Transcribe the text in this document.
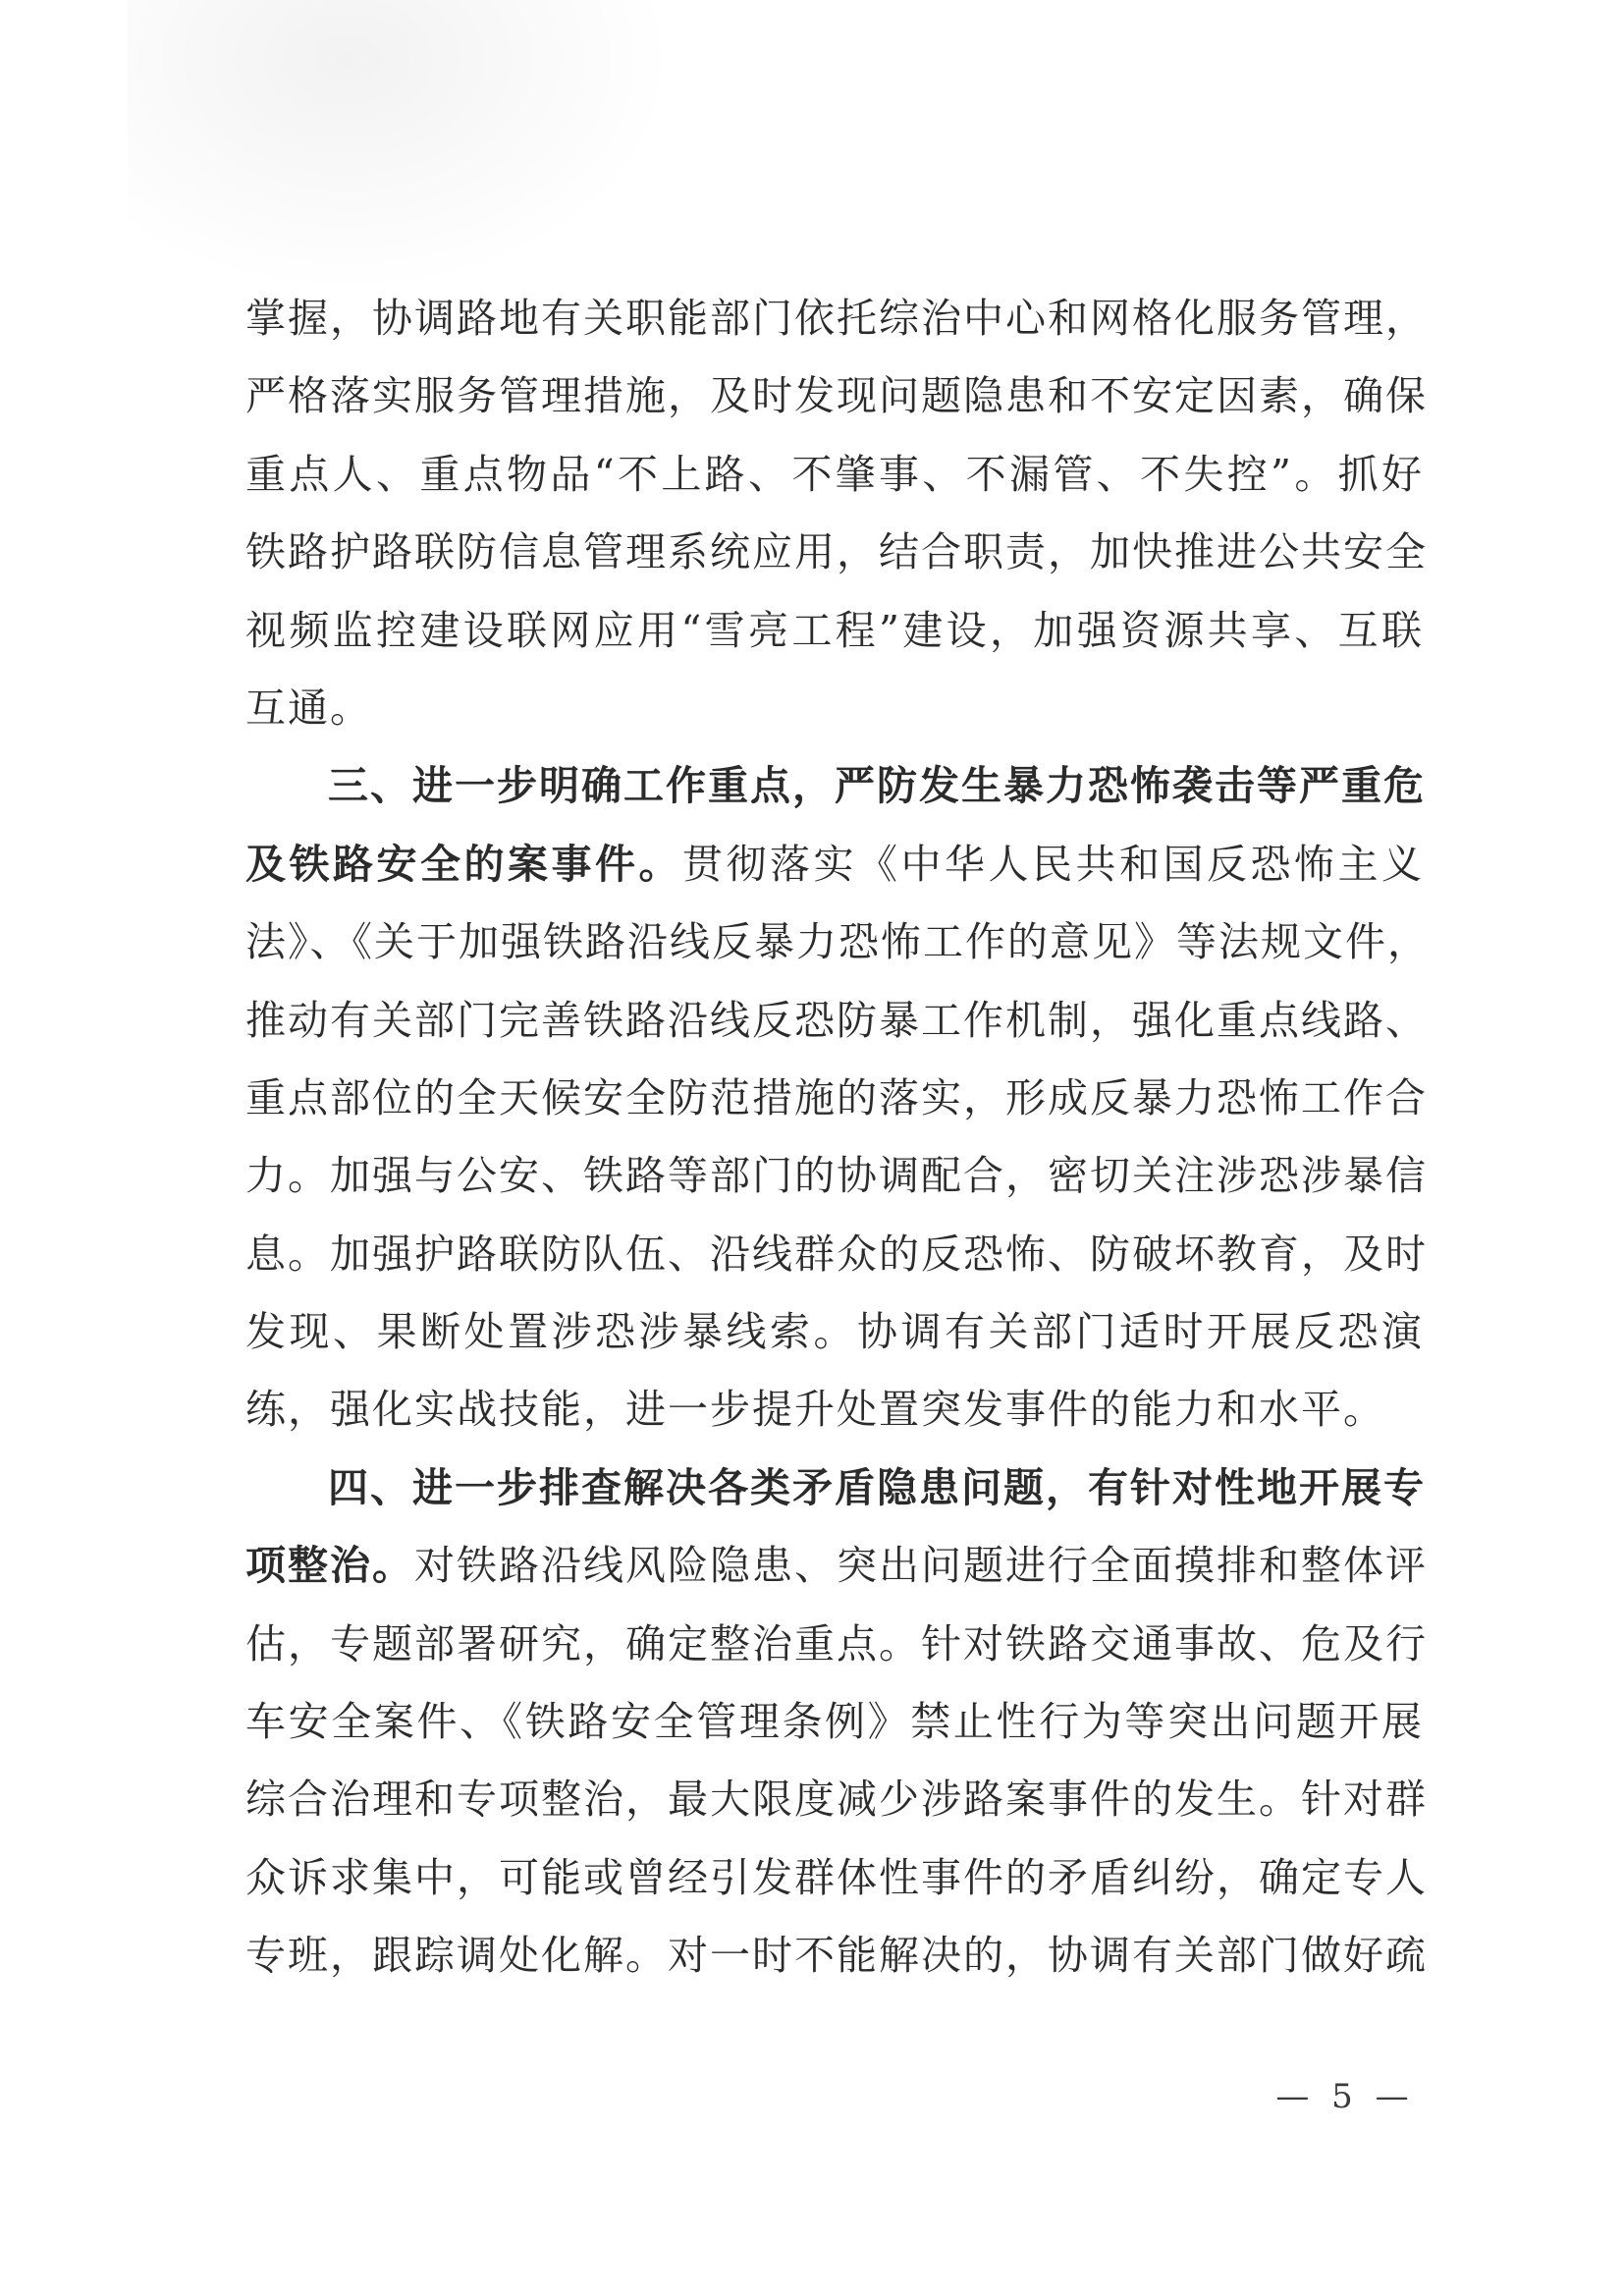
掌握，协调路地有关职能部门依托综治中心和网格化服务管理，
严格落实服务管理措施，及时发现问题隐患和不安定因素，确保
重点人、重点物品“不上路、不肇事、不漏管、不失控”。抓好
铁路护路联防信息管理系统应用，结合职责，加快推进公共安全
视频监控建设联网应用“雪亮工程”建设，加强资源共享、互联
互通。
三、进一步明确工作重点，严防发生暴力恐怖袭击等严重危
及铁路安全的案事件。贯彻落实《中华人民共和国反恐怖主义
法》、《关于加强铁路沿线反暴力恐怖工作的意见》等法规文件，
推动有关部门完善铁路沿线反恐防暴工作机制，强化重点线路、
重点部位的全天候安全防范措施的落实，形成反暴力恐怖工作合
力。加强与公安、铁路等部门的协调配合，密切关注涉恐涉暴信
息。加强护路联防队伍、沿线群众的反恐怖、防破坏教育，及时
发现、果断处置涉恐涉暴线索。协调有关部门适时开展反恐演
练，强化实战技能，进一步提升处置突发事件的能力和水平。
四、进一步排查解决各类矛盾隐患问题，有针对性地开展专
项整治。对铁路沿线风险隐患、突出问题进行全面摸排和整体评
估，专题部署研究，确定整治重点。针对铁路交通事故、危及行
车安全案件、《铁路安全管理条例》禁止性行为等突出问题开展
综合治理和专项整治，最大限度减少涉路案事件的发生。针对群
众诉求集中，可能或曾经引发群体性事件的矛盾纠纷，确定专人
专班，跟踪调处化解。对一时不能解决的，协调有关部门做好疏
— 5 —
